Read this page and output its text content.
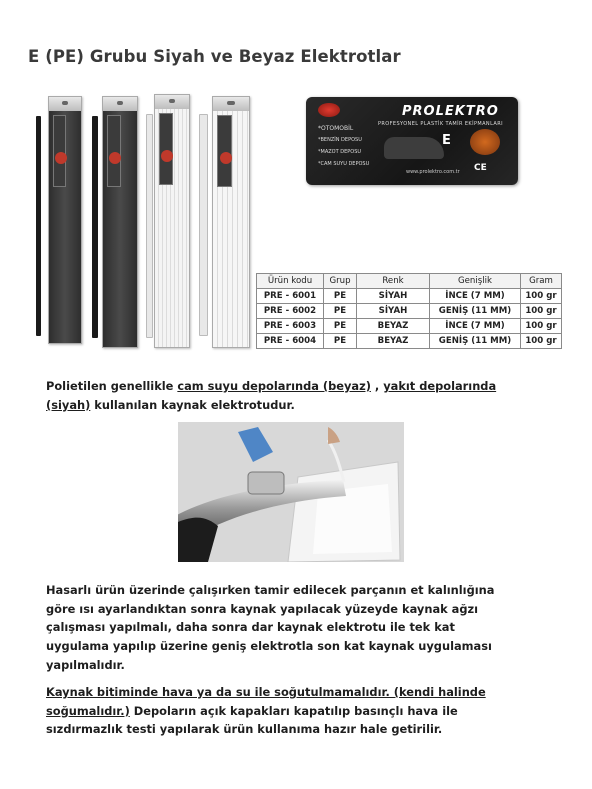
E (PE) Grubu Siyah ve Beyaz Elektrotlar
PROLEKTRO
PROFESYONEL PLASTİK TAMİR EKİPMANLARI
*OTOMOBİL
*BENZİN DEPOSU
*MAZOT DEPOSU
*CAM SUYU DEPOSU
E
www.prolektro.com.tr CE
Ürün kodu	Grup	Renk	Genişlik	Gram
PRE - 6001	PE	SİYAH	İNCE (7 MM)	100 gr
PRE - 6002	PE	SİYAH	GENİŞ (11 MM)	100 gr
PRE - 6003	PE	BEYAZ	İNCE (7 MM)	100 gr
PRE - 6004	PE	BEYAZ	GENİŞ (11 MM)	100 gr
Polietilen genellikle cam suyu depolarında (beyaz) , yakıt depolarında
(siyah) kullanılan kaynak elektrotudur.
Hasarlı ürün üzerinde çalışırken tamir edilecek parçanın et kalınlığına
göre ısı ayarlandıktan sonra kaynak yapılacak yüzeyde kaynak ağzı
çalışması yapılmalı, daha sonra dar kaynak elektrotu ile tek kat
uygulama yapılıp üzerine geniş elektrotla son kat kaynak uygulaması
yapılmalıdır.
Kaynak bitiminde hava ya da su ile soğutulmamalıdır. (kendi halinde
soğumalıdır.) Depoların açık kapakları kapatılıp basınçlı hava ile
sızdırmazlık testi yapılarak ürün kullanıma hazır hale getirilir.
